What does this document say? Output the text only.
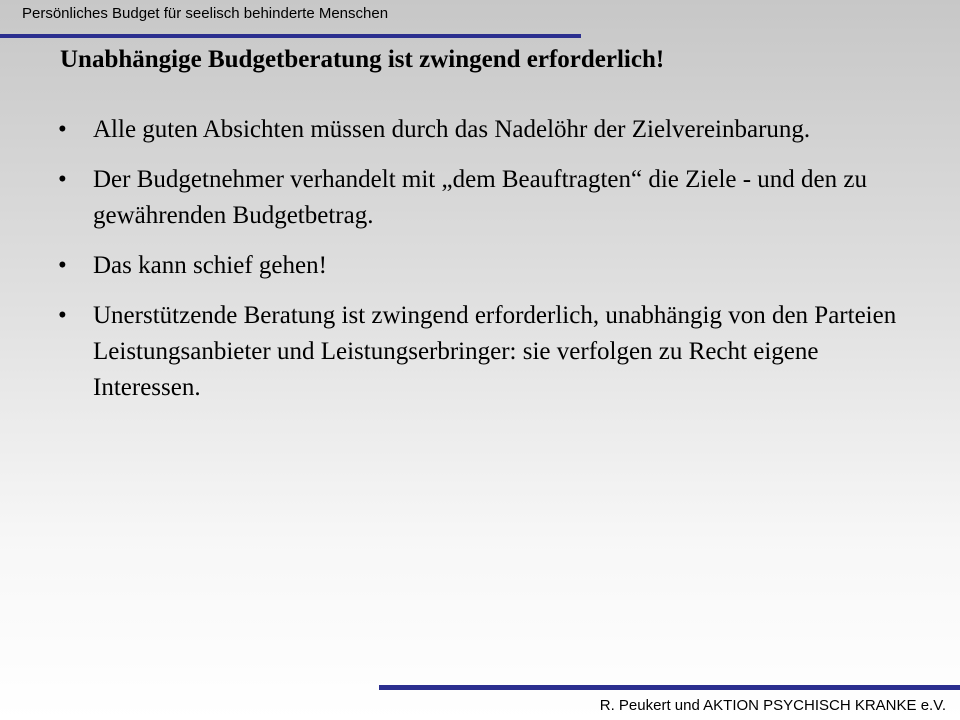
Persönliches Budget für seelisch behinderte Menschen
Unabhängige Budgetberatung ist zwingend erforderlich!
• Alle guten Absichten müssen durch das Nadelöhr der Zielvereinbarung.
• Der Budgetnehmer verhandelt mit „dem Beauftragten“ die Ziele - und den zu gewährenden Budgetbetrag.
• Das kann schief gehen!
• Unerstützende Beratung ist zwingend erforderlich, unabhängig von den Parteien Leistungsanbieter und Leistungserbringer: sie verfolgen zu Recht eigene Interessen.
R. Peukert und AKTION PSYCHISCH KRANKE e.V.
